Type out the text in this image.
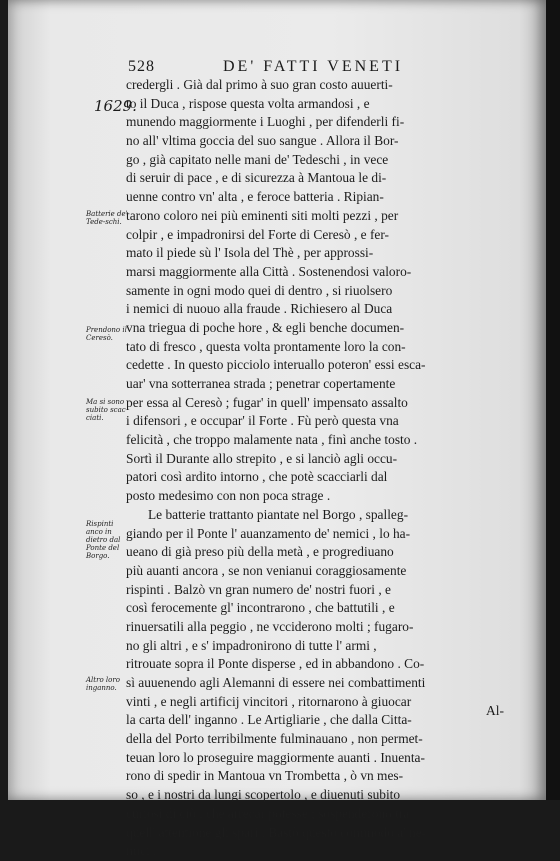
528	DE' FATTI VENETI
1629.
credergli . Già dal primo à suo gran costo auuerti-
to il Duca , rispose questa volta armandosi , e
munendo maggiormente i Luoghi , per difenderli fi-
no all' vltima goccia del suo sangue . Allora il Bor-
go , già capitato nelle mani de' Tedeschi , in vece
di seruir di pace , e di sicurezza à Mantoua le di-
uenne contro vn' alta , e feroce batteria . Ripian-
tarono coloro nei più eminenti siti molti pezzi , per
colpir , e impadronirsi del Forte di Ceresò , e fer-
mato il piede sù l' Isola del Thè , per approssi-
marsi maggiormente alla Città . Sostenendosi valoro-
samente in ogni modo quei di dentro , si riuolsero
i nemici di nuouo alla fraude . Richiesero al Duca
vna triegua di poche hore , & egli benche documen-
tato di fresco , questa volta prontamente loro la con-
cedette . In questo picciolo interuallo poteron' essi esca-
uar' vna sotterranea strada ; penetrar copertamente
per essa al Ceresò ; fugar' in quell' impensato assalto
i difensori , e occupar' il Forte . Fù però questa vna
felicità , che troppo malamente nata , finì anche tosto .
Sortì il Durante allo strepito , e si lanciò agli occu-
patori così ardito intorno , che potè scacciarli dal
posto medesimo con non poca strage .
Le batterie trattanto piantate nel Borgo , spalleg-
giando per il Ponte l' auanzamento de' nemici , lo ha-
ueano di già preso più della metà , e progrediuano
più auanti ancora , se non venianui coraggiosamente
rispinti . Balzò vn gran numero de' nostri fuori , e
così ferocemente gl' incontrarono , che battutili , e
rinuersatili alla peggio , ne vcciderono molti ; fugaro-
no gli altri , e s' impadronirono di tutte l' armi ,
ritrouate sopra il Ponte disperse , ed in abbandono . Co-
sì auuenendo agli Alemanni di essere nei combattimenti
vinti , e negli artificij vincitori , ritornarono à giuocar
la carta dell' inganno . Le Artigliarie , che dalla Citta-
della del Porto terribilmente fulminauano , non permet-
teuan loro lo proseguire maggiormente auanti . Inuenta-
rono di spedir in Mantoua vn Trombetta , ò vn mes-
so , e i nostri da lungi scopertolo , e diuenuti subito
curiosi di ciò , che arrecar potesse ; sospenderono tra
quell' attentione gli spari . Bastò questo commodo a' ne-
mici .
Batterie de' Tede-schi.
Prendono il Ceresò.
Ma si sono subito scac ciati.
Rispinti anco in dietro dal Ponte del Borgo.
Altro loro inganno.
Al-
